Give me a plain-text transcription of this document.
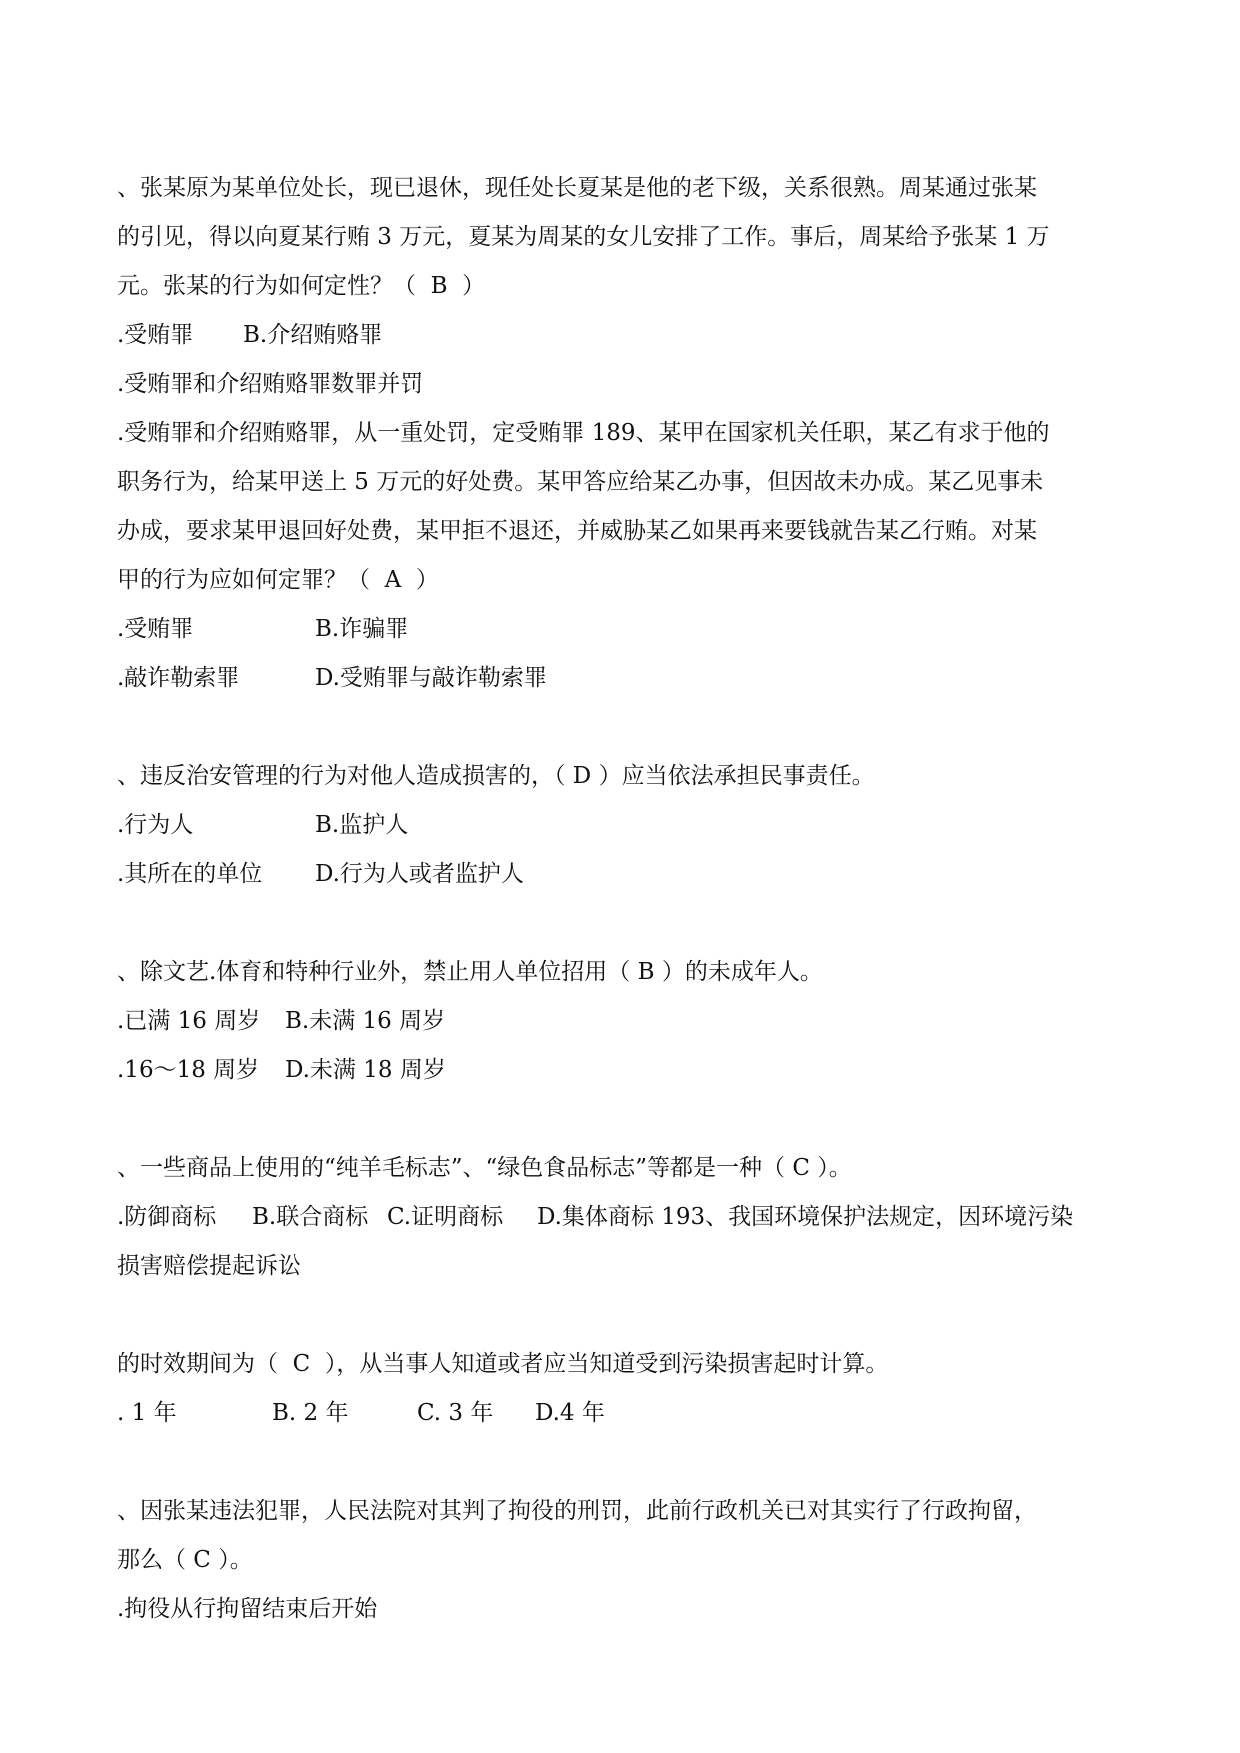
、张某原为某单位处长，现已退休，现任处长夏某是他的老下级，关系很熟。周某通过张某
的引见，得以向夏某行贿 3 万元，夏某为周某的女儿安排了工作。事后，周某给予张某 1 万
元。张某的行为如何定性？（  B  ）
.受贿罪 B.介绍贿赂罪
.受贿罪和介绍贿赂罪数罪并罚
.受贿罪和介绍贿赂罪，从一重处罚，定受贿罪 189、某甲在国家机关任职，某乙有求于他的
职务行为，给某甲送上 5 万元的好处费。某甲答应给某乙办事，但因故未办成。某乙见事未
办成，要求某甲退回好处费，某甲拒不退还，并威胁某乙如果再来要钱就告某乙行贿。对某
甲的行为应如何定罪？（  A  ）
.受贿罪	B.诈骗罪
.敲诈勒索罪	D.受贿罪与敲诈勒索罪
、违反治安管理的行为对他人造成损害的，（ D ）应当依法承担民事责任。
.行为人	B.监护人
.其所在的单位 D.行为人或者监护人
、除文艺.体育和特种行业外，禁止用人单位招用（ B ）的未成年人。
.已满 16 周岁 B.未满 16 周岁
.16～18 周岁 D.未满 18 周岁
、一些商品上使用的“纯羊毛标志”、“绿色食品标志”等都是一种（ C ）。
.防御商标 B.联合商标 C.证明商标 D.集体商标 193、我国环境保护法规定，因环境污染
损害赔偿提起诉讼
的时效期间为（  C  ），从当事人知道或者应当知道受到污染损害起时计算。
. 1 年	B. 2 年	C. 3 年 D.4 年
、因张某违法犯罪，人民法院对其判了拘役的刑罚，此前行政机关已对其实行了行政拘留，
那么（ C ）。
.拘役从行拘留结束后开始
